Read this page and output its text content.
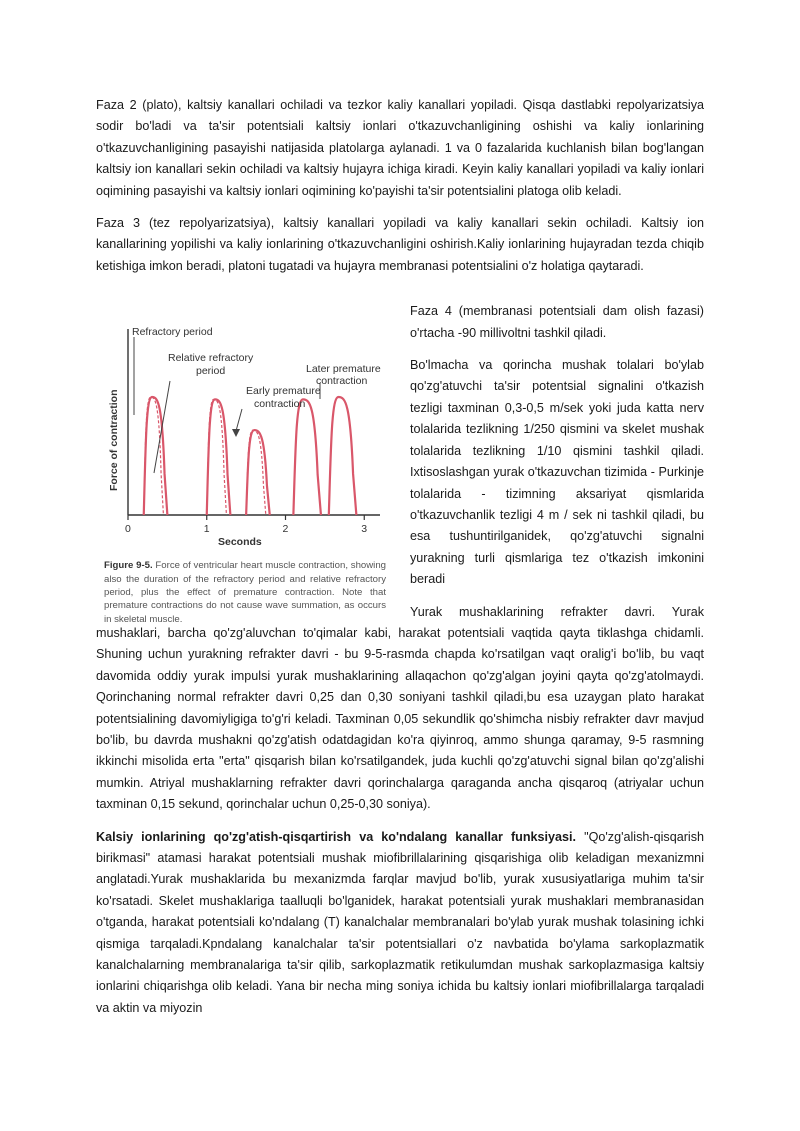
Faza 2 (plato), kaltsiy kanallari ochiladi va tezkor kaliy kanallari yopiladi. Qisqa dastlabki repolyarizatsiya sodir bo'ladi va ta'sir potentsiali kaltsiy ionlari o'tkazuvchanligining oshishi va kaliy ionlarining o'tkazuvchanligining pasayishi natijasida platolarga aylanadi. 1 va 0 fazalarida kuchlanish bilan bog'langan kaltsiy ion kanallari sekin ochiladi va kaltsiy hujayra ichiga kiradi. Keyin kaliy kanallari yopiladi va kaliy ionlari oqimining pasayishi va kaltsiy ionlari oqimining ko'payishi ta'sir potentsialini platoga olib keladi.

Faza 3 (tez repolyarizatsiya), kaltsiy kanallari yopiladi va kaliy kanallari sekin ochiladi. Kaltsiy ion kanallarining yopilishi va kaliy ionlarining o'tkazuvchanligini oshirish.Kaliy ionlarining hujayradan tezda chiqib ketishiga imkon beradi, platoni tugatadi va hujayra membranasi potentsialini o'z holatiga qaytaradi.

0	1	2	3
Refractory period
Relative refractory
period
Early premature
contraction
Later premature
contraction
Force of contraction
Seconds
Figure 9-5. Force of ventricular heart muscle contraction, showing also the duration of the refractory period and relative refractory period, plus the effect of premature contraction. Note that premature contractions do not cause wave summation, as occurs in skeletal muscle.

Faza 4 (membranasi potentsiali dam olish fazasi) o'rtacha -90 millivoltni tashkil qiladi.

Bo'lmacha va qorincha mushak tolalari bo'ylab qo'zg'atuvchi ta'sir potentsial signalini o'tkazish tezligi taxminan 0,3-0,5 m/sek yoki juda katta nerv tolalarida tezlikning 1/250 qismini va skelet mushak tolalarida tezlikning 1/10 qismini tashkil qiladi. Ixtisoslashgan yurak o'tkazuvchan tizimida - Purkinje tolalarida - tizimning aksariyat qismlarida o'tkazuvchanlik tezligi 4 m / sek ni tashkil qiladi, bu esa tushuntirilganidek, qo'zg'atuvchi signalni yurakning turli qismlariga tez o'tkazish imkonini beradi

Yurak mushaklarining refrakter davri. Yurak mushaklari, barcha qo'zg'aluvchan to'qimalar kabi, harakat potentsiali vaqtida qayta tiklashga chidamli. Shuning uchun yurakning refrakter davri - bu 9-5-rasmda chapda ko'rsatilgan vaqt oralig'i bo'lib, bu vaqt davomida oddiy yurak impulsi yurak mushaklarining allaqachon qo'zg'algan joyini qayta qo'zg'atolmaydi. Qorinchaning normal refrakter davri 0,25 dan 0,30 soniyani tashkil qiladi,bu esa uzaygan plato harakat potentsialining davomiyligiga to'g'ri keladi. Taxminan 0,05 sekundlik qo'shimcha nisbiy refrakter davr mavjud bo'lib, bu davrda mushakni qo'zg'atish odatdagidan ko'ra qiyinroq, ammo shunga qaramay, 9-5 rasmning ikkinchi misolida erta "erta" qisqarish bilan ko'rsatilgandek, juda kuchli qo'zg'atuvchi signal bilan qo'zg'alishi mumkin. Atriyal mushaklarning refrakter davri qorinchalarga qaraganda ancha qisqaroq (atriyalar uchun taxminan 0,15 sekund, qorinchalar uchun 0,25-0,30 soniya).

Kalsiy ionlarining qo'zg'atish-qisqartirish va ko'ndalang kanallar funksiyasi. "Qo'zg'alish-qisqarish birikmasi" atamasi harakat potentsiali mushak miofibrillalarining qisqarishiga olib keladigan mexanizmni anglatadi.Yurak mushaklarida bu mexanizmda farqlar mavjud bo'lib, yurak xususiyatlariga muhim ta'sir ko'rsatadi. Skelet mushaklariga taalluqli bo'lganidek, harakat potentsiali yurak mushaklari membranasidan o'tganda, harakat potentsiali ko'ndalang (T) kanalchalar membranalari bo'ylab yurak mushak tolasining ichki qismiga tarqaladi.Kpndalang kanalchalar ta'sir potentsiallari o'z navbatida bo'ylama sarkoplazmatik kanalchalarning membranalariga ta'sir qilib, sarkoplazmatik retikulumdan mushak sarkoplazmasiga kaltsiy ionlarini chiqarishga olib keladi. Yana bir necha ming soniya ichida bu kaltsiy ionlari miofibrillalarga tarqaladi va aktin va miyozin
